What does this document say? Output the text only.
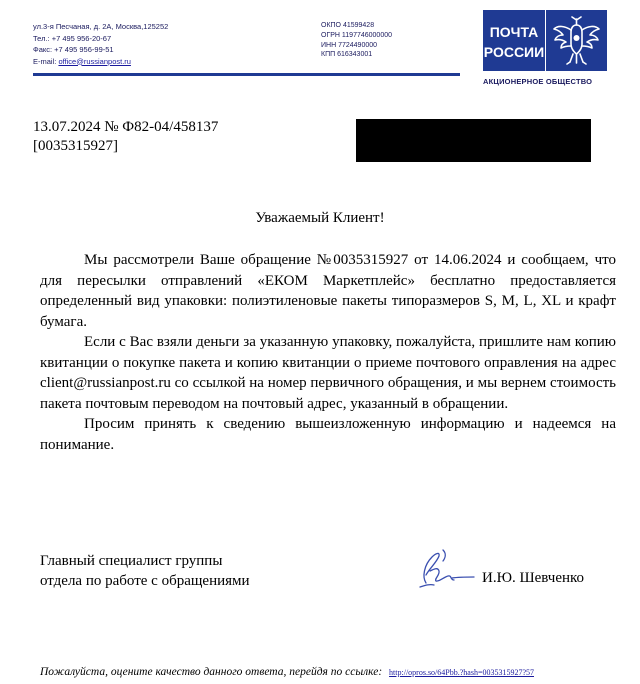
ул.3-я Песчаная, д. 2А, Москва,125252
Тел.: +7 495 956-20-67
Факс: +7 495 956-99-51
E-mail: office@russianpost.ru
ОКПО 41599428
ОГРН 1197746000000
ИНН 7724490000
КПП 616343001
ПОЧТА
РОССИИ
АКЦИОНЕРНОЕ ОБЩЕСТВО
13.07.2024 № Ф82-04/458137
[0035315927]
Уважаемый Клиент!

Мы рассмотрели Ваше обращение №0035315927 от 14.06.2024 и сообщаем, что для пересылки отправлений «ЕКОМ Маркетплейс» бесплатно предоставляется определенный вид упаковки: полиэтиленовые пакеты типоразмеров S, M, L, XL и крафт бумага.

Если с Вас взяли деньги за указанную упаковку, пожалуйста, пришлите нам копию квитанции о покупке пакета и копию квитанции о приеме почтового оправления на адрес client@russianpost.ru со ссылкой на номер первичного обращения, и мы вернем стоимость пакета почтовым переводом на почтовый адрес, указанный в обращении.

Просим принять к сведению вышеизложенную информацию и надеемся на понимание.

Главный специалист группы
отдела по работе с обращениями	И.Ю. Шевченко
Пожалуйста, оцените качество данного ответа, перейдя по ссылке: http://opros.so/64Pbb.?hash=0035315927?57
